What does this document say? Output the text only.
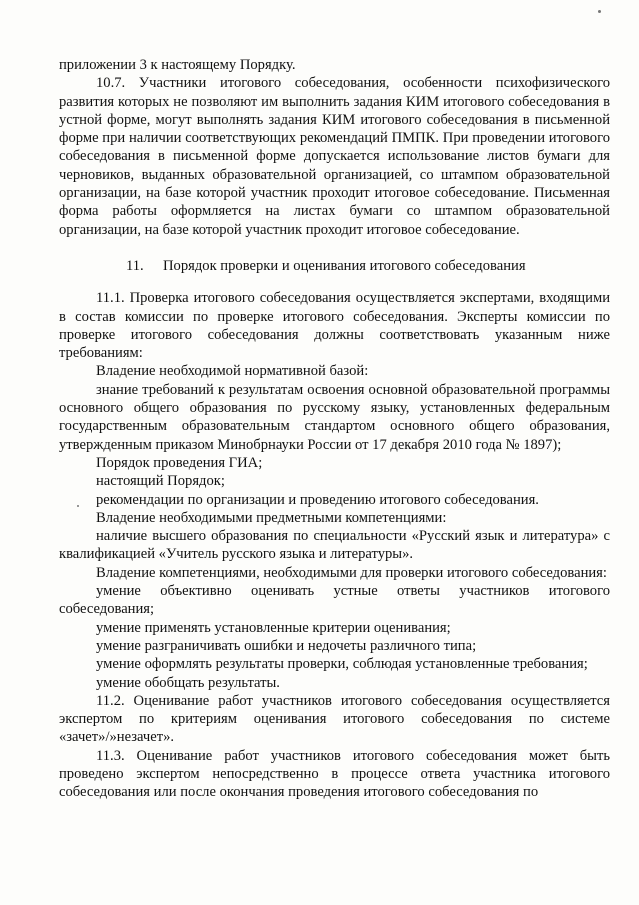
приложении 3 к настоящему Порядку.

10.7. Участники итогового собеседования, особенности психофизического развития которых не позволяют им выполнить задания КИМ итогового собеседования в устной форме, могут выполнять задания КИМ итогового собеседования в письменной форме при наличии соответствующих рекомендаций ПМПК. При проведении итогового собеседования в письменной форме допускается использование листов бумаги для черновиков, выданных образовательной организацией, со штампом образовательной организации, на базе которой участник проходит итоговое собеседование. Письменная форма работы оформляется на листах бумаги со штампом образовательной организации, на базе которой участник проходит итоговое собеседование.

11. Порядок проверки и оценивания итогового собеседования

11.1. Проверка итогового собеседования осуществляется экспертами, входящими в состав комиссии по проверке итогового собеседования. Эксперты комиссии по проверке итогового собеседования должны соответствовать указанным ниже требованиям:

Владение необходимой нормативной базой:

знание требований к результатам освоения основной образовательной программы основного общего образования по русскому языку, установленных федеральным государственным образовательным стандартом основного общего образования, утвержденным приказом Минобрнауки России от 17 декабря 2010 года № 1897);

Порядок проведения ГИА;

настоящий Порядок;

рекомендации по организации и проведению итогового собеседования.

Владение необходимыми предметными компетенциями:

наличие высшего образования по специальности «Русский язык и литература» с квалификацией «Учитель русского языка и литературы».

Владение компетенциями, необходимыми для проверки итогового собеседования:

умение объективно оценивать устные ответы участников итогового собеседования;

умение применять установленные критерии оценивания;

умение разграничивать ошибки и недочеты различного типа;

умение оформлять результаты проверки, соблюдая установленные требования;

умение обобщать результаты.

11.2. Оценивание работ участников итогового собеседования осуществляется экспертом по критериям оценивания итогового собеседования по системе «зачет»/»незачет».

11.3. Оценивание работ участников итогового собеседования может быть проведено экспертом непосредственно в процессе ответа участника итогового собеседования или после окончания проведения итогового собеседования по
